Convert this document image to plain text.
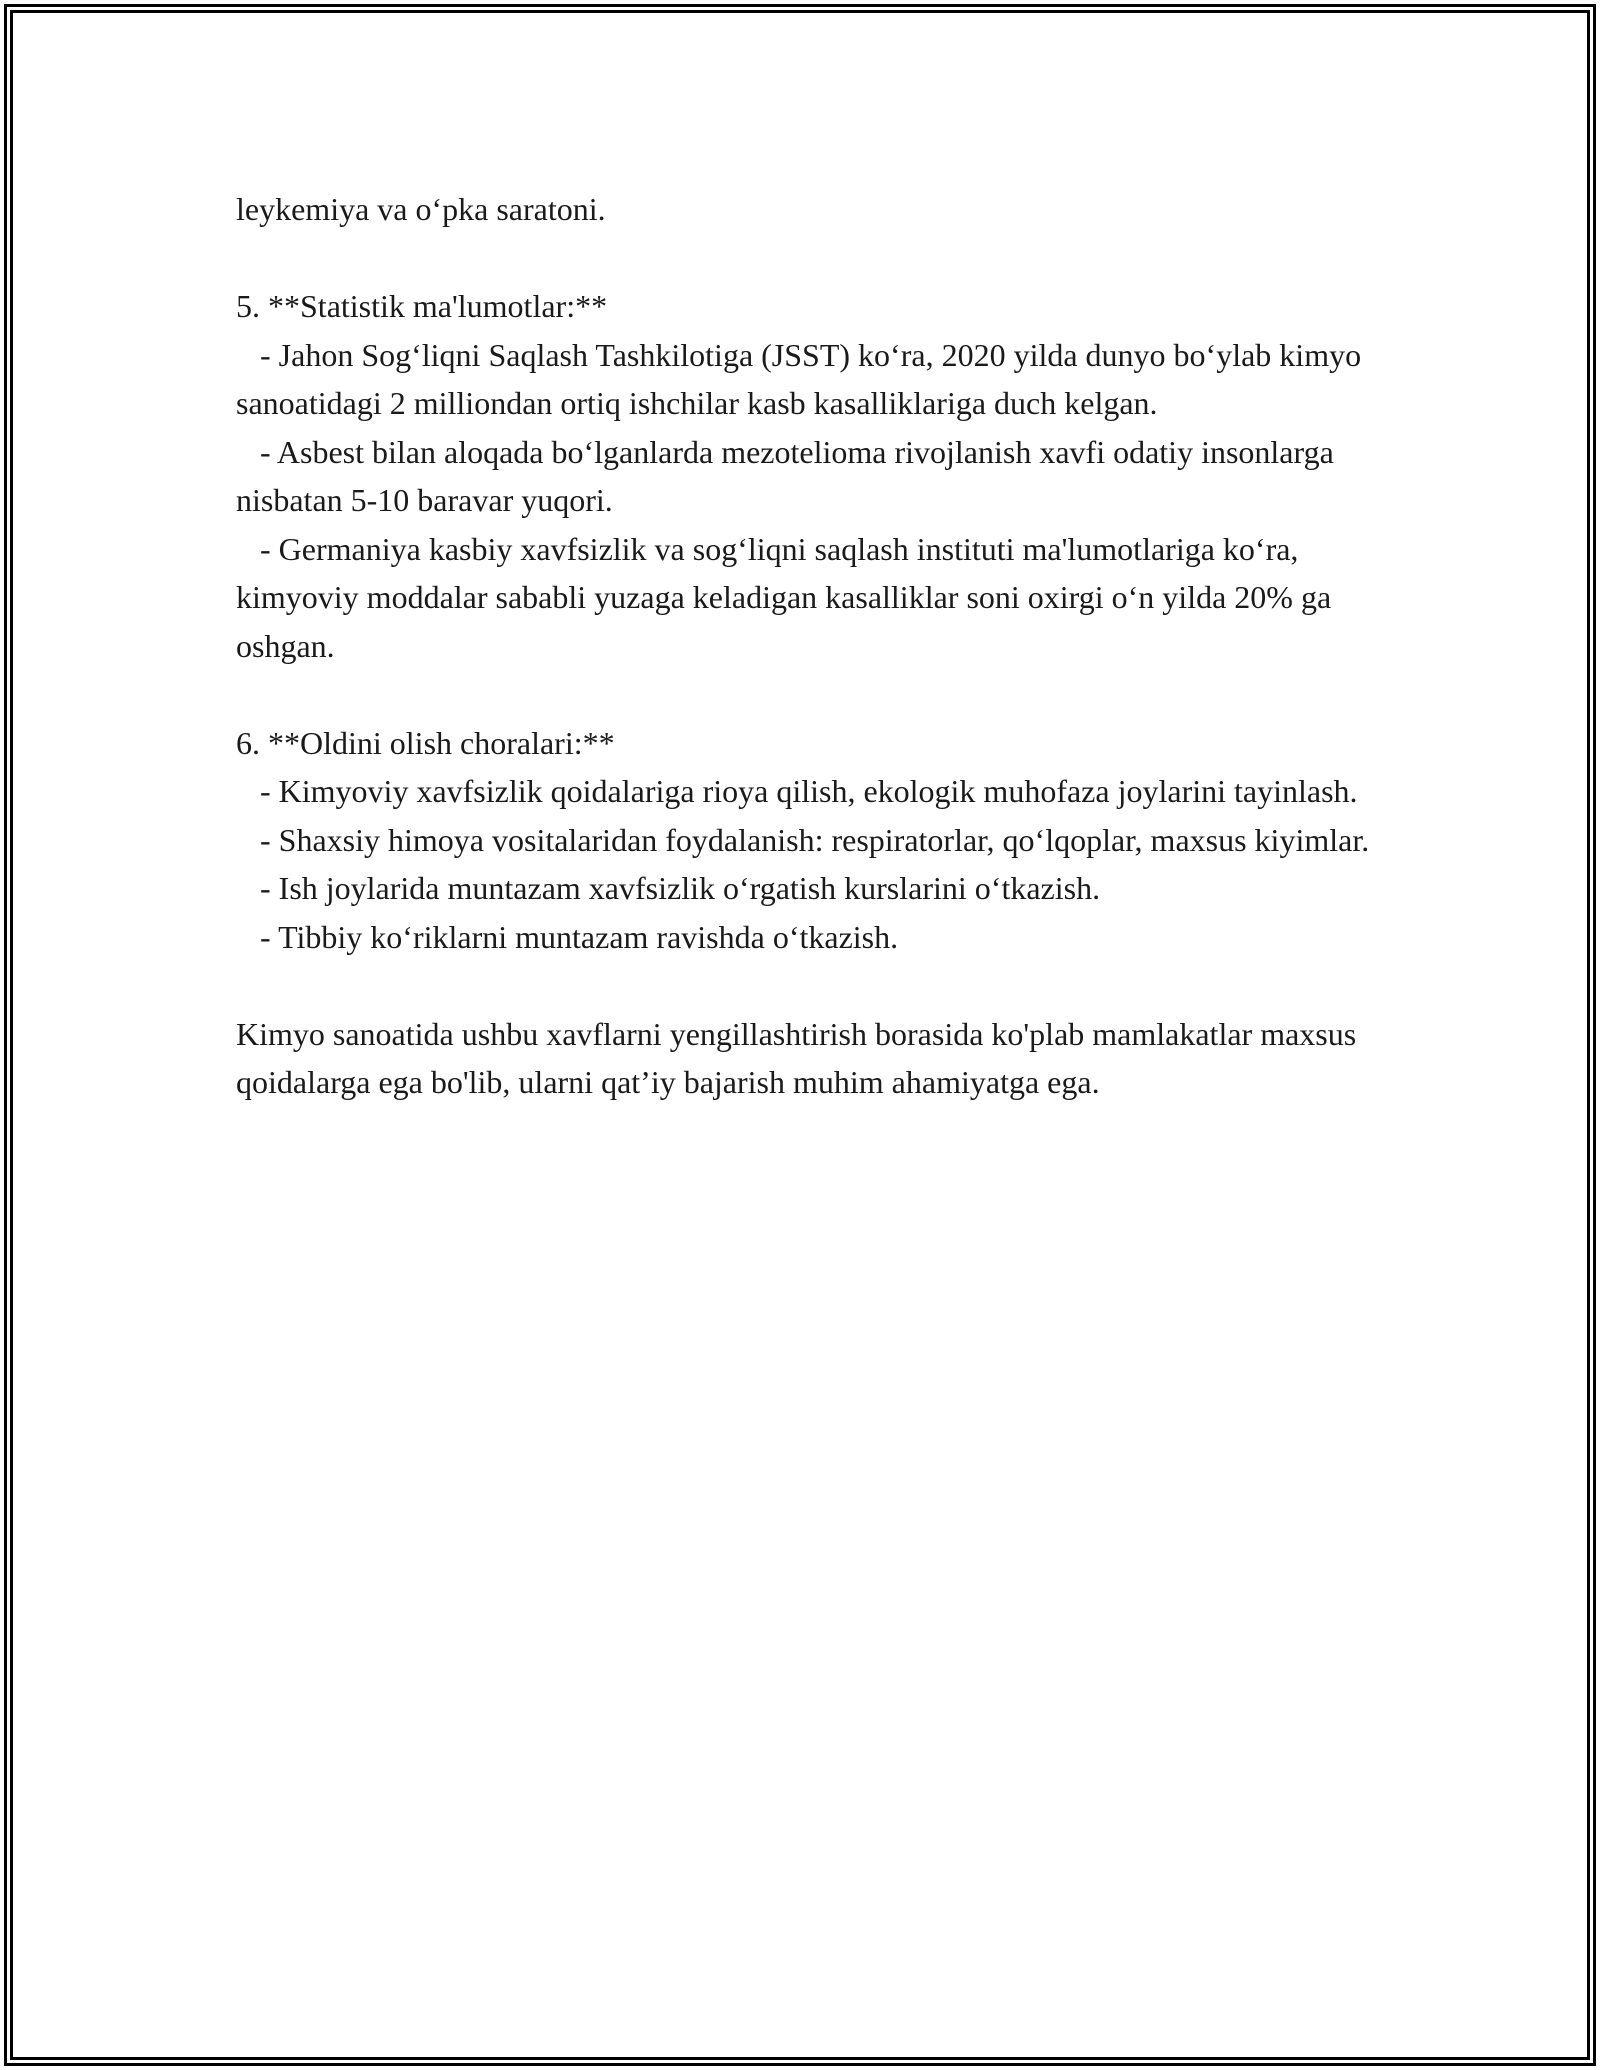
leykemiya va o‘pka saratoni.

5. **Statistik ma'lumotlar:**

- Jahon Sog‘liqni Saqlash Tashkilotiga (JSST) ko‘ra, 2020 yilda dunyo bo‘ylab kimyo sanoatidagi 2 milliondan ortiq ishchilar kasb kasalliklariga duch kelgan.

- Asbest bilan aloqada bo‘lganlarda mezotelioma rivojlanish xavfi odatiy insonlarga nisbatan 5-10 baravar yuqori.

- Germaniya kasbiy xavfsizlik va sog‘liqni saqlash instituti ma'lumotlariga ko‘ra, kimyoviy moddalar sababli yuzaga keladigan kasalliklar soni oxirgi o‘n yilda 20% ga oshgan.

6. **Oldini olish choralari:**

- Kimyoviy xavfsizlik qoidalariga rioya qilish, ekologik muhofaza joylarini tayinlash.

- Shaxsiy himoya vositalaridan foydalanish: respiratorlar, qo‘lqoplar, maxsus kiyimlar.

- Ish joylarida muntazam xavfsizlik o‘rgatish kurslarini o‘tkazish.

- Tibbiy ko‘riklarni muntazam ravishda o‘tkazish.

Kimyo sanoatida ushbu xavflarni yengillashtirish borasida ko'plab mamlakatlar maxsus qoidalarga ega bo'lib, ularni qat’iy bajarish muhim ahamiyatga ega.
